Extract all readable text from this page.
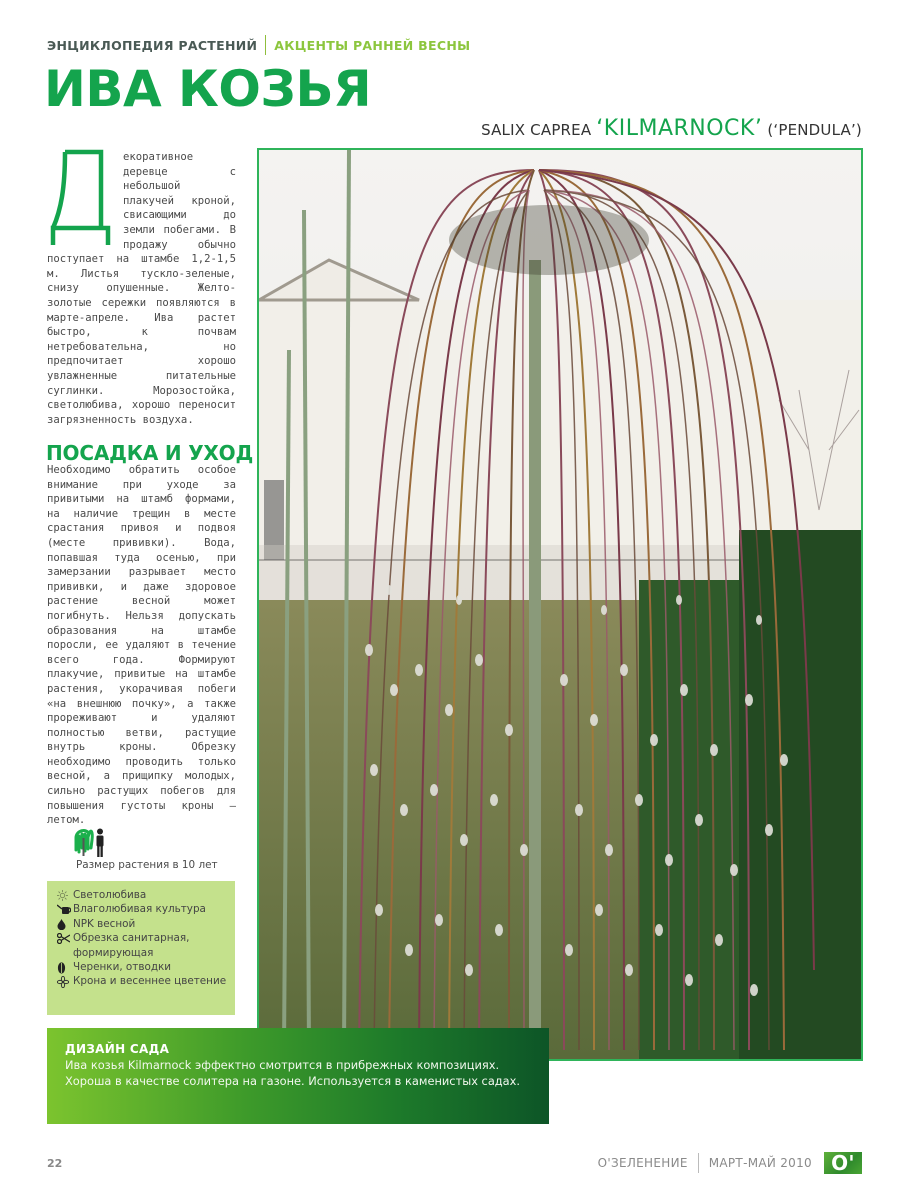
ЭНЦИКЛОПЕДИЯ РАСТЕНИЙ АКЦЕНТЫ РАННЕЙ ВЕСНЫ
ИВА КОЗЬЯ
SALIX CAPREA ‘KILMARNOCK’ (‘PENDULA’)
екоративное деревце с небольшой плакучей кроной, свисающими до земли побегами. В продажу обычно поступает на штамбе 1,2-1,5 м. Листья тускло-зеленые, снизу опушенные. Желто-золотые сережки появляются в марте-апреле. Ива растет быстро, к почвам нетребовательна, но предпочитает хорошо увлажненные питательные суглинки. Морозостойка, светолюбива, хорошо переносит загрязненность воздуха.
ПОСАДКА И УХОД
Необходимо обратить особое внимание при уходе за привитыми на штамб формами, на наличие трещин в месте срастания привоя и подвоя (месте прививки). Вода, попавшая туда осенью, при замерзании разрывает место прививки, и даже здоровое растение весной может погибнуть. Нельзя допускать образования на штамбе поросли, ее удаляют в течение всего года. Формируют плакучие, привитые на штамбе растения, укорачивая побеги «на внешнюю почку», а также прореживают и удаляют полностью ветви, растущие внутрь кроны. Обрезку необходимо проводить только весной, а прищипку молодых, сильно растущих побегов для повышения густоты кроны – летом.
Размер растения в 10 лет
Светолюбива
Влаголюбивая культура
NPK весной
Обрезка санитарная, формирующая
Черенки, отводки
Крона и весеннее цветение
ДИЗАЙН САДА
Ива козья Kilmarnock эффектно смотрится в прибрежных композициях. Хороша в качестве солитера на газоне. Используется в каменистых садах.
22	О'ЗЕЛЕНЕНИЕ МАРТ-МАЙ 2010 О'
